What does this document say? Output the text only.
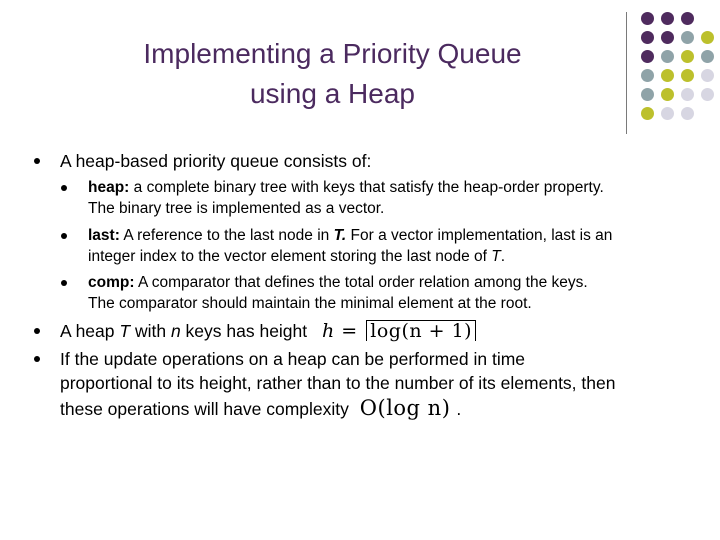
Implementing a Priority Queue
using a Heap
A heap-based priority queue consists of:
heap: a complete binary tree with keys that satisfy the heap-order property.
The binary tree is implemented as a vector.
last: A reference to the last node in T. For a vector implementation, last is an
integer index to the vector element storing the last node of T.
comp: A comparator that defines the total order relation among the keys.
The comparator should maintain the minimal element at the root.
A heap T with n keys has height h = log(n + 1)
If the update operations on a heap can be performed in time
proportional to its height, rather than to the number of its elements, then
these operations will have complexity O(log n) .
